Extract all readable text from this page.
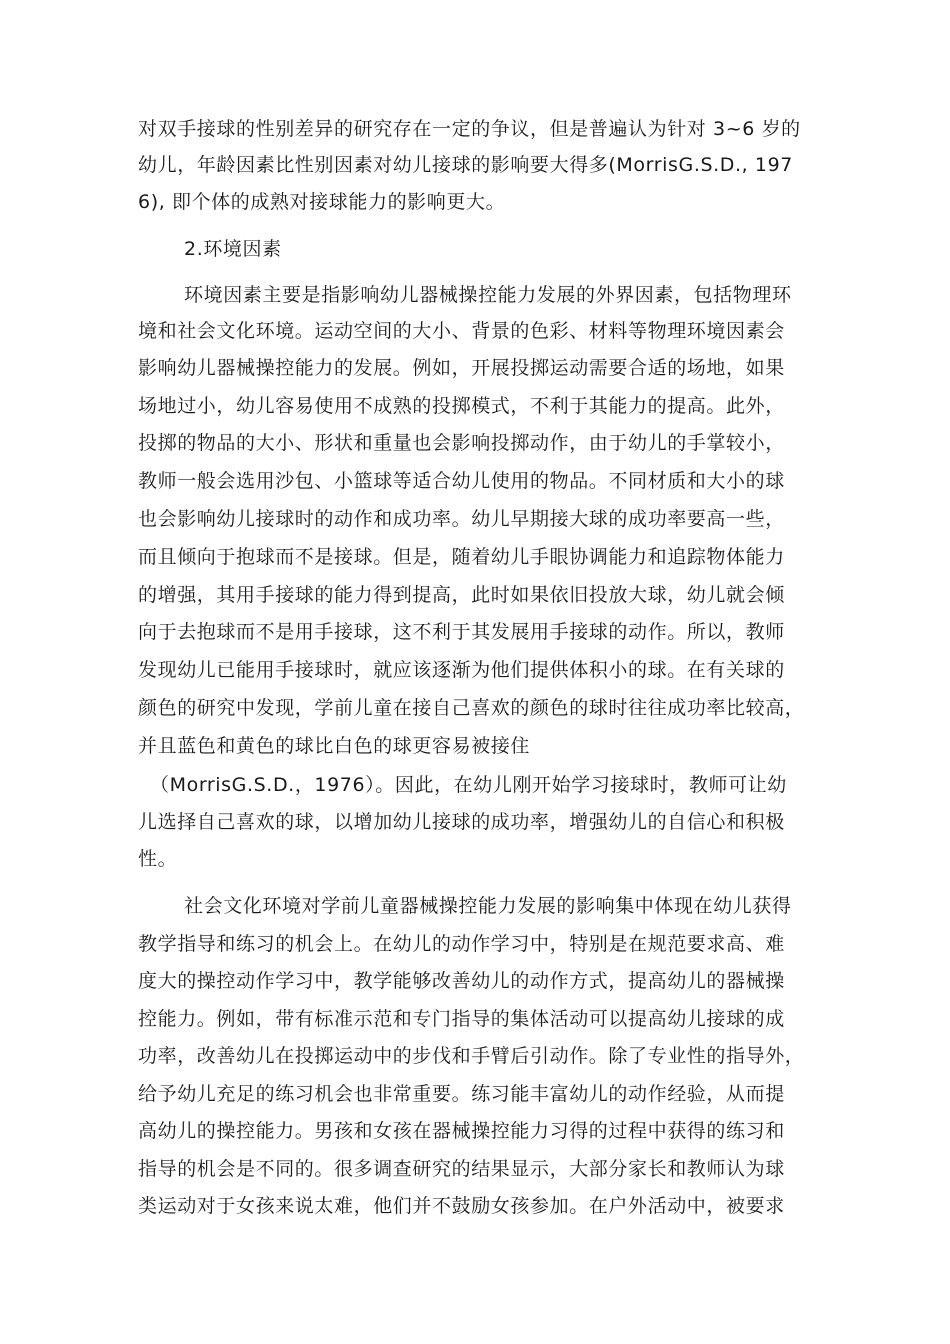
对双手接球的性别差异的研究存在一定的争议，但是普遍认为针对 3~6 岁的
幼儿，年龄因素比性别因素对幼儿接球的影响要大得多(MorrisG.S.D., 197
6), 即个体的成熟对接球能力的影响更大。
2.环境因素
环境因素主要是指影响幼儿器械操控能力发展的外界因素，包括物理环
境和社会文化环境。运动空间的大小、背景的色彩、材料等物理环境因素会
影响幼儿器械操控能力的发展。例如，开展投掷运动需要合适的场地，如果
场地过小，幼儿容易使用不成熟的投掷模式，不利于其能力的提高。此外，
投掷的物品的大小、形状和重量也会影响投掷动作，由于幼儿的手掌较小，
教师一般会选用沙包、小篮球等适合幼儿使用的物品。不同材质和大小的球
也会影响幼儿接球时的动作和成功率。幼儿早期接大球的成功率要高一些，
而且倾向于抱球而不是接球。但是，随着幼儿手眼协调能力和追踪物体能力
的增强，其用手接球的能力得到提高，此时如果依旧投放大球，幼儿就会倾
向于去抱球而不是用手接球，这不利于其发展用手接球的动作。所以，教师
发现幼儿已能用手接球时，就应该逐渐为他们提供体积小的球。在有关球的
颜色的研究中发现，学前儿童在接自己喜欢的颜色的球时往往成功率比较高，
并且蓝色和黄色的球比白色的球更容易被接住
（MorrisG.S.D.，1976）。因此，在幼儿刚开始学习接球时，教师可让幼
儿选择自己喜欢的球，以增加幼儿接球的成功率，增强幼儿的自信心和积极
性。
社会文化环境对学前儿童器械操控能力发展的影响集中体现在幼儿获得
教学指导和练习的机会上。在幼儿的动作学习中，特别是在规范要求高、难
度大的操控动作学习中，教学能够改善幼儿的动作方式，提高幼儿的器械操
控能力。例如，带有标准示范和专门指导的集体活动可以提高幼儿接球的成
功率，改善幼儿在投掷运动中的步伐和手臂后引动作。除了专业性的指导外，
给予幼儿充足的练习机会也非常重要。练习能丰富幼儿的动作经验，从而提
高幼儿的操控能力。男孩和女孩在器械操控能力习得的过程中获得的练习和
指导的机会是不同的。很多调查研究的结果显示，大部分家长和教师认为球
类运动对于女孩来说太难，他们并不鼓励女孩参加。在户外活动中，被要求
